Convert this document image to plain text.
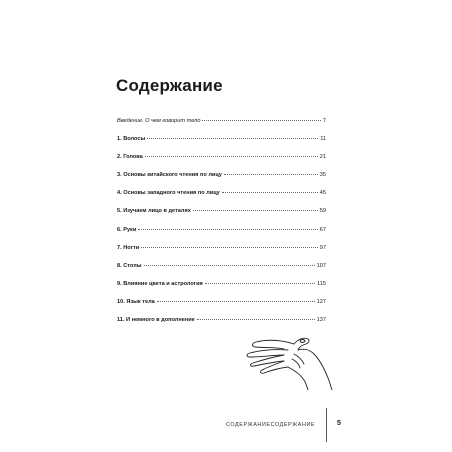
Содержание
Введение. О чем говорит тело	7
1. Волосы	11
2. Голова	21
3. Основы китайского чтения по лицу	35
4. Основы западного чтения по лицу	45
5. Изучаем лицо в деталях	59
6. Руки	67
7. Ногти	97
8. Стопы	107
9. Влияние цвета и астрология	115
10. Язык тела	127
11. И немного в дополнение	137
СОДЕРЖАНИЕСОДЕРЖАНИЕ	5
